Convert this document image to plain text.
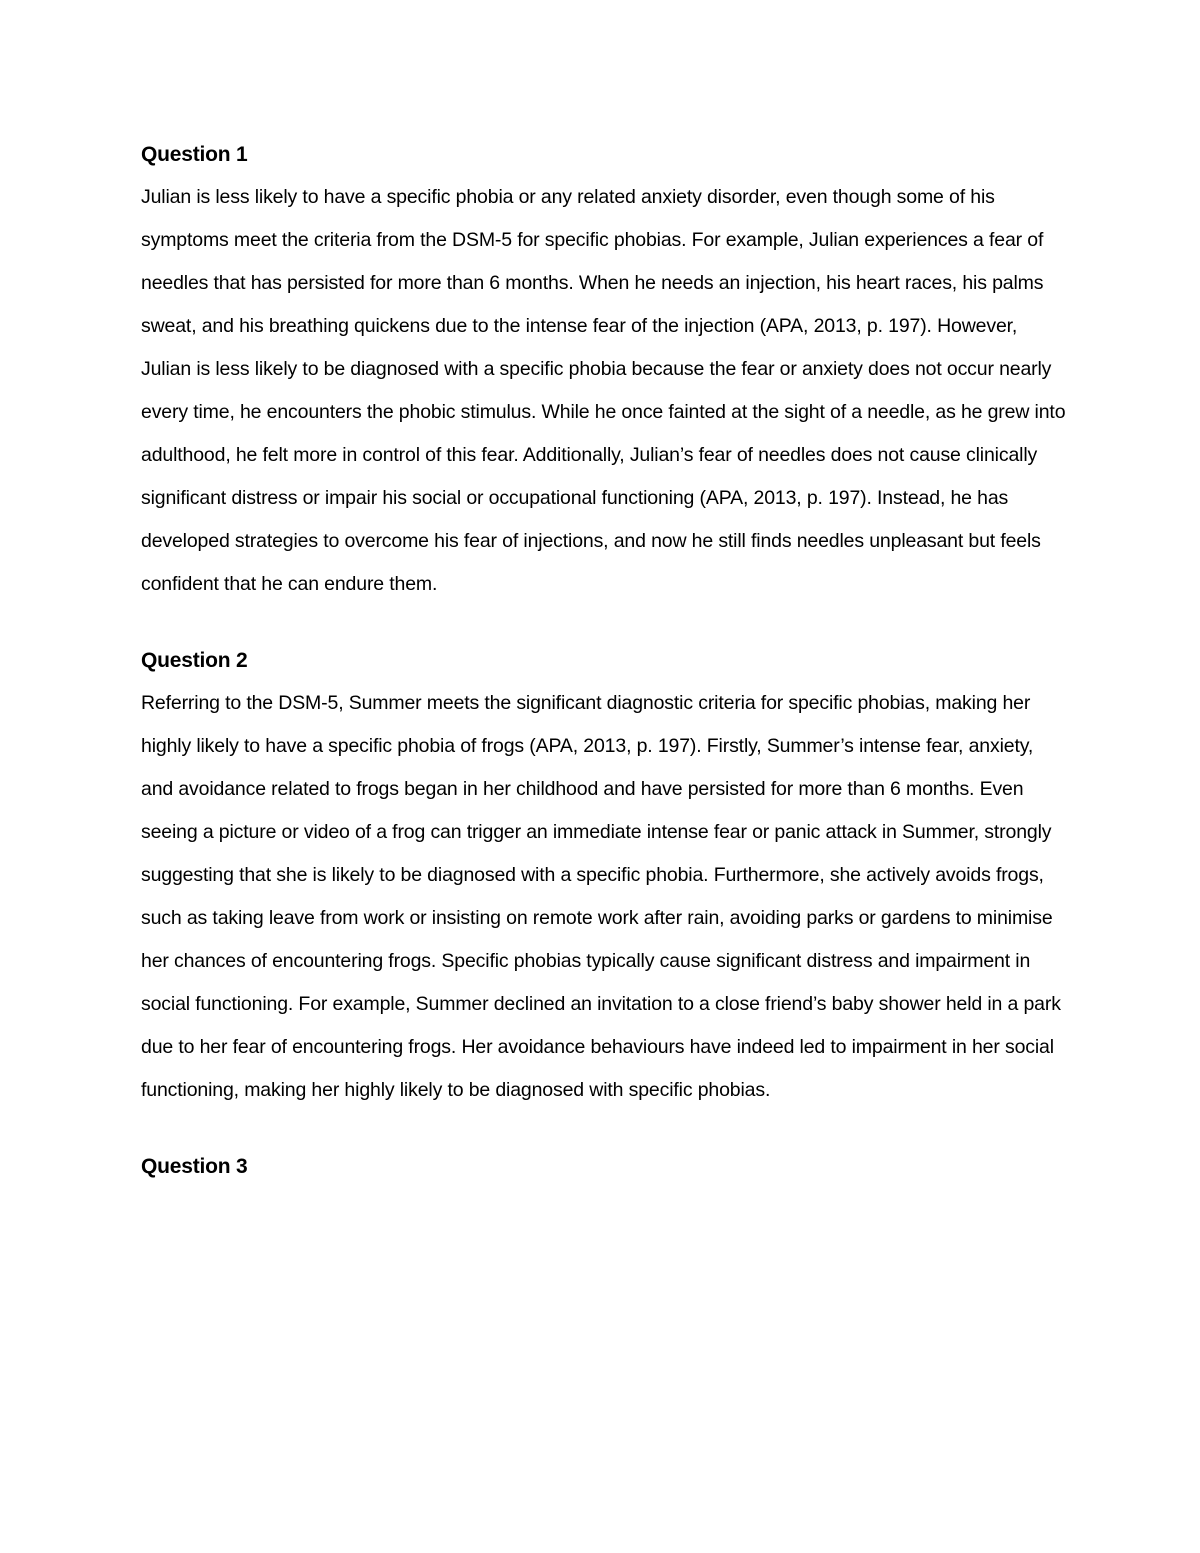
Question 1

Julian is less likely to have a specific phobia or any related anxiety disorder, even though some of his symptoms meet the criteria from the DSM-5 for specific phobias. For example, Julian experiences a fear of needles that has persisted for more than 6 months. When he needs an injection, his heart races, his palms sweat, and his breathing quickens due to the intense fear of the injection (APA, 2013, p. 197). However, Julian is less likely to be diagnosed with a specific phobia because the fear or anxiety does not occur nearly every time, he encounters the phobic stimulus. While he once fainted at the sight of a needle, as he grew into adulthood, he felt more in control of this fear. Additionally, Julian’s fear of needles does not cause clinically significant distress or impair his social or occupational functioning (APA, 2013, p. 197). Instead, he has developed strategies to overcome his fear of injections, and now he still finds needles unpleasant but feels confident that he can endure them.

Question 2

Referring to the DSM-5, Summer meets the significant diagnostic criteria for specific phobias, making her highly likely to have a specific phobia of frogs (APA, 2013, p. 197). Firstly, Summer’s intense fear, anxiety, and avoidance related to frogs began in her childhood and have persisted for more than 6 months. Even seeing a picture or video of a frog can trigger an immediate intense fear or panic attack in Summer, strongly suggesting that she is likely to be diagnosed with a specific phobia. Furthermore, she actively avoids frogs, such as taking leave from work or insisting on remote work after rain, avoiding parks or gardens to minimise her chances of encountering frogs. Specific phobias typically cause significant distress and impairment in social functioning. For example, Summer declined an invitation to a close friend’s baby shower held in a park due to her fear of encountering frogs. Her avoidance behaviours have indeed led to impairment in her social functioning, making her highly likely to be diagnosed with specific phobias.

Question 3
